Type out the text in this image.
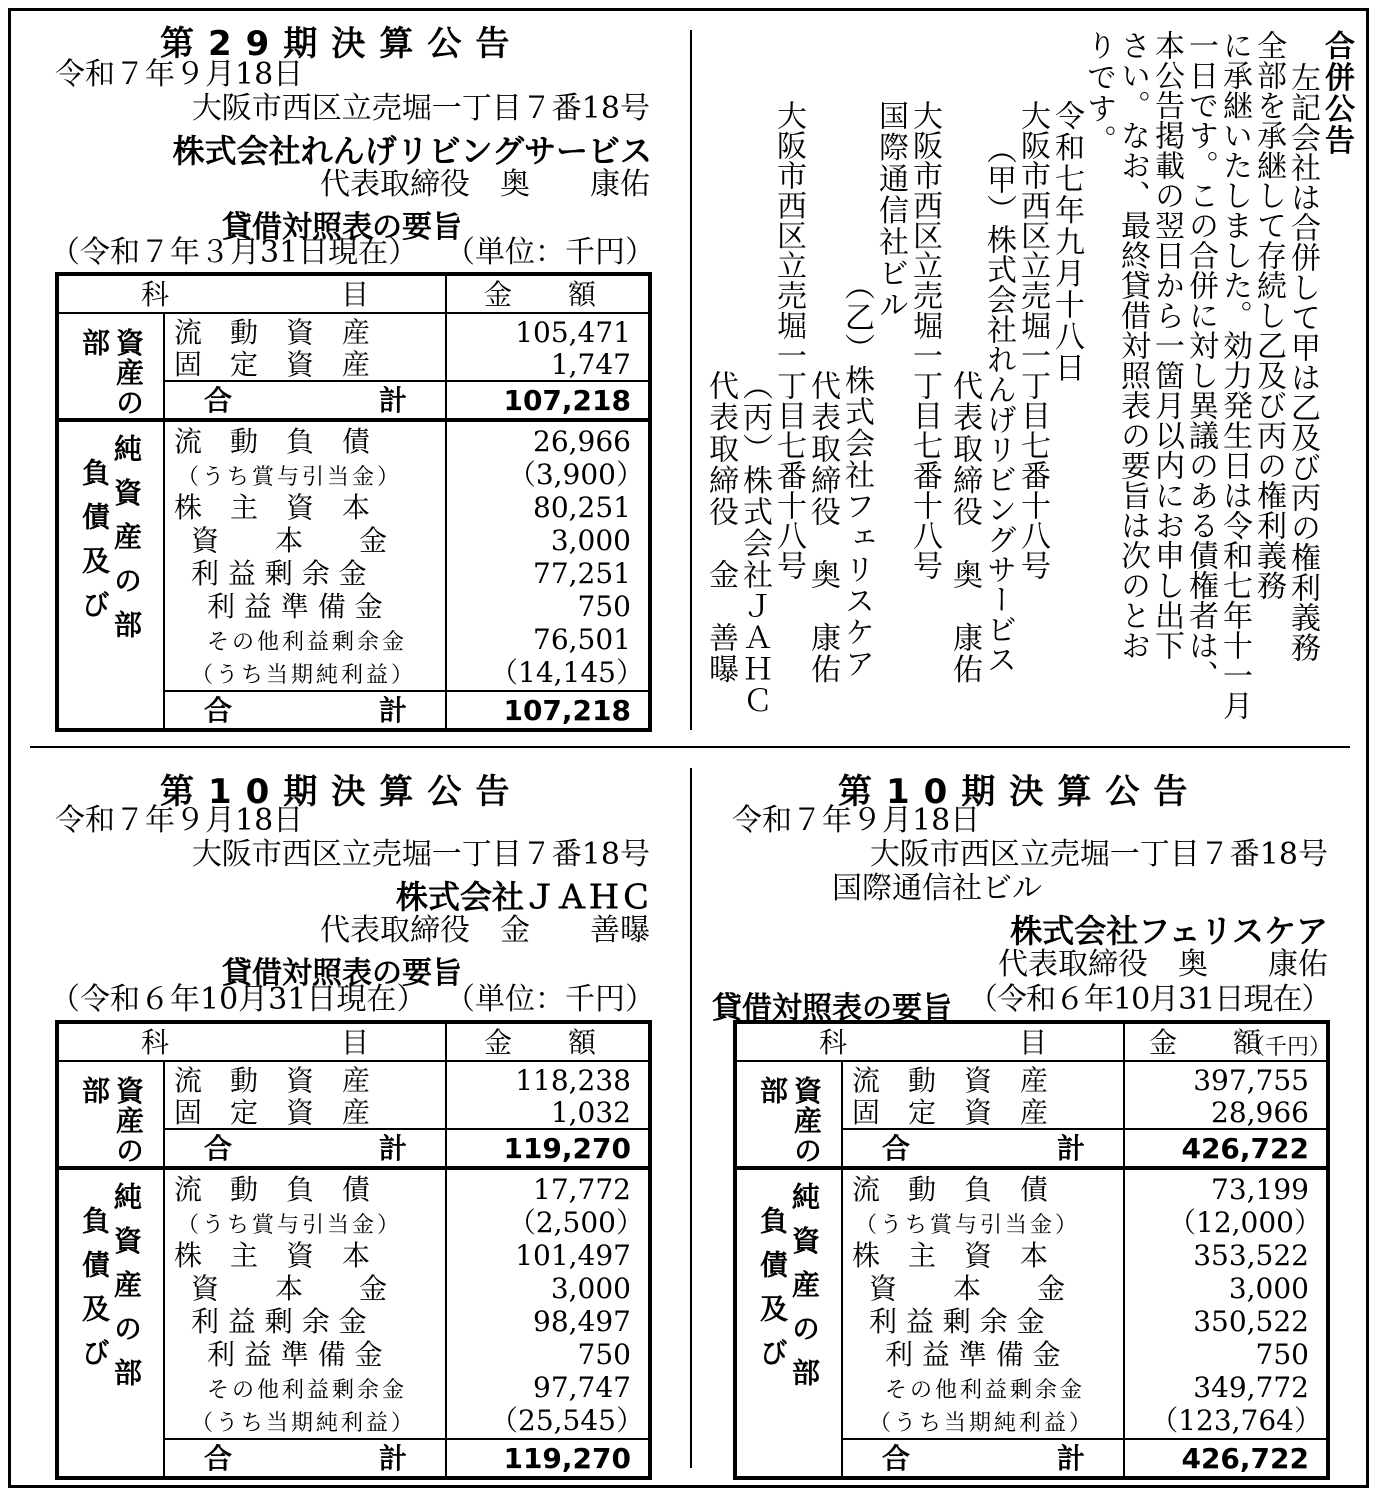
第29期決算公告
令和７年９月18日
大阪市西区立売堀一丁目７番18号
株式会社れんげリビングサービス
代表取締役　奥　　康佑
貸借対照表の要旨
（令和７年３月31日現在） （単位：千円）
科	目	金　　額
資産の部	流　動　資　産	105,471
固　定　資　産	1,747
合	計	107,218
負債及び 純資産の部 流　動　負　債	26,966
（うち賞与引当金）	（3,900）
株　主　資　本	80,251
資　　本　　金	3,000
利 益 剰 余 金	77,251
利 益 準 備 金	750
その他利益剰余金	76,501
（うち当期純利益）	（14,145）
合	計	107,218
合併公告
左記会社は合併して甲は乙及び丙の権利義務
全部を承継して存続し乙及び丙の権利義務
に承継いたしました。効力発生日は令和七年十一月
一日です。この合併に対し異議のある債権者は、
本公告掲載の翌日から一箇月以内にお申し出下
さい。なお、最終貸借対照表の要旨は次のとお
りです。
令和七年九月十八日
大阪市西区立売堀一丁目七番十八号
（甲）株式会社れんげリビングサービス
代表取締役　奥　康佑
大阪市西区立売堀一丁目七番十八号
国際通信社ビル
（乙）株式会社フェリスケア
代表取締役　奥　康佑
大阪市西区立売堀一丁目七番十八号
（丙）株式会社ＪＡＨＣ
代表取締役　金　善曝
第10期決算公告
令和７年９月18日
大阪市西区立売堀一丁目７番18号
株式会社ＪＡＨＣ
代表取締役　金　　善曝
貸借対照表の要旨
（令和６年10月31日現在） （単位：千円）
科	目	金　　額
資産の部	流　動　資　産	118,238
固　定　資　産	1,032
合	計	119,270
負債及び 純資産の部 流　動　負　債	17,772
（うち賞与引当金）	（2,500）
株　主　資　本	101,497
資　　本　　金	3,000
利 益 剰 余 金	98,497
利 益 準 備 金	750
その他利益剰余金	97,747
（うち当期純利益）	（25,545）
合	計	119,270
第10期決算公告
令和７年９月18日
大阪市西区立売堀一丁目７番18号
国際通信社ビル
株式会社フェリスケア
代表取締役　奥　　康佑
貸借対照表の要旨 （令和６年10月31日現在）
科	目	金　　額
（千円）
資産の部	流　動　資　産	397,755
固　定　資　産	28,966
合	計	426,722
負債及び 純資産の部 流　動　負　債	73,199
（うち賞与引当金）	（12,000）
株　主　資　本	353,522
資　　本　　金	3,000
利 益 剰 余 金	350,522
利 益 準 備 金	750
その他利益剰余金	349,772
（うち当期純利益）	（123,764）
合	計	426,722
